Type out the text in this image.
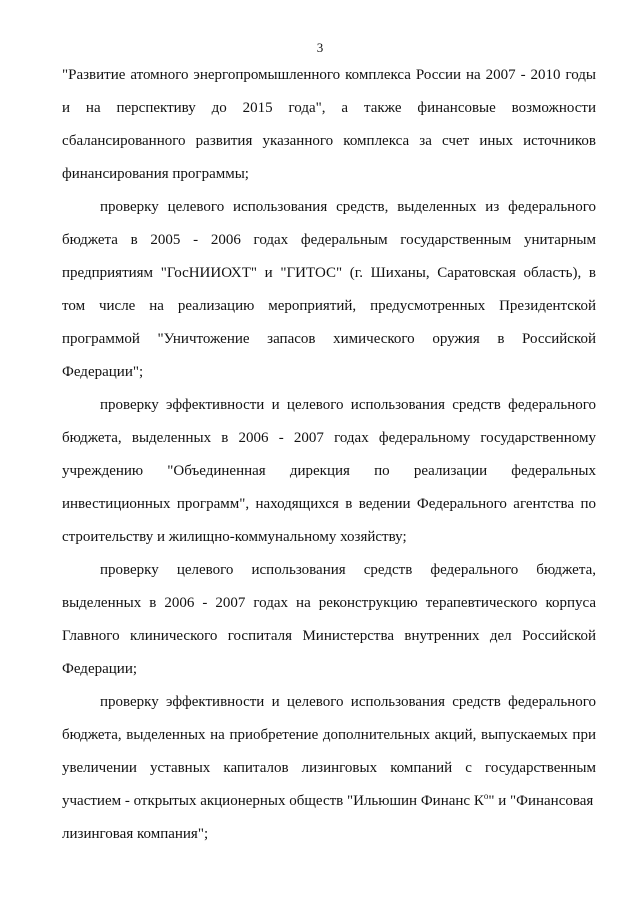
3
"Развитие атомного энергопромышленного комплекса России на 2007 - 2010 годы
и на перспективу до 2015 года", а также финансовые возможности
сбалансированного развития указанного комплекса за счет иных источников
финансирования программы;
проверку целевого использования средств, выделенных из федерального
бюджета в 2005 - 2006 годах федеральным государственным унитарным
предприятиям "ГосНИИОХТ" и "ГИТОС" (г. Шиханы, Саратовская область), в
том числе на реализацию мероприятий, предусмотренных Президентской
программой "Уничтожение запасов химического оружия в Российской
Федерации";
проверку эффективности и целевого использования средств федерального
бюджета, выделенных в 2006 - 2007 годах федеральному государственному
учреждению "Объединенная дирекция по реализации федеральных
инвестиционных программ", находящихся в ведении Федерального агентства по
строительству и жилищно-коммунальному хозяйству;
проверку целевого использования средств федерального бюджета,
выделенных в 2006 - 2007 годах на реконструкцию терапевтического корпуса
Главного клинического госпиталя Министерства внутренних дел Российской
Федерации;
проверку эффективности и целевого использования средств федерального
бюджета, выделенных на приобретение дополнительных акций, выпускаемых при
увеличении уставных капиталов лизинговых компаний с государственным
участием - открытых акционерных обществ "Ильюшин Финанс $К^о$" и "Финансовая
лизинговая компания";
